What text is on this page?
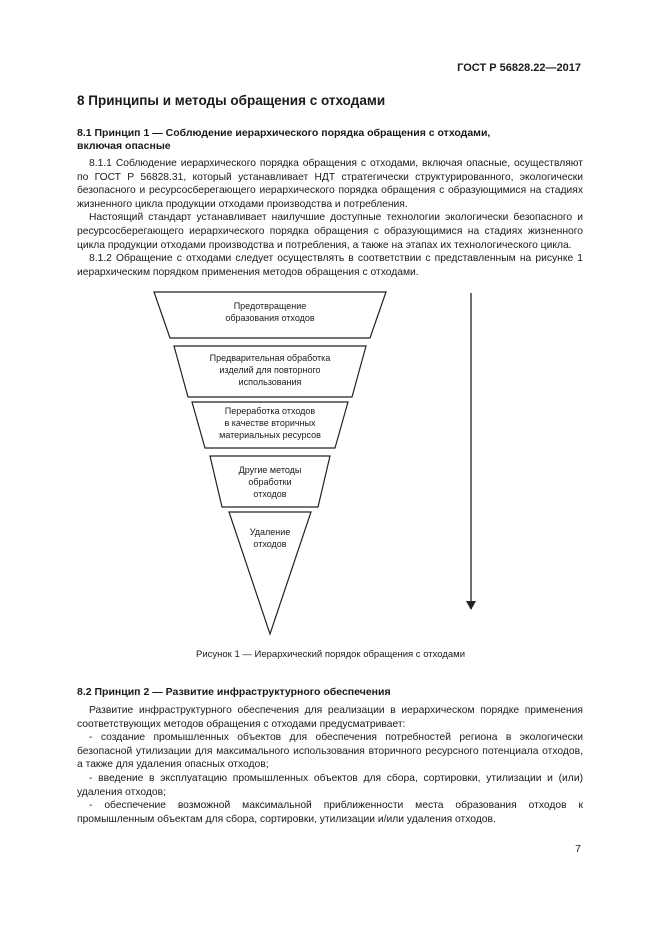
ГОСТ Р 56828.22—2017
8 Принципы и методы обращения с отходами
8.1 Принцип 1 — Соблюдение иерархического порядка обращения с отходами,
включая опасные

8.1.1 Соблюдение иерархического порядка обращения с отходами, включая опасные, осуществляют по ГОСТ Р 56828.31, который устанавливает НДТ стратегически структурированного, экологически безопасного и ресурсосберегающего иерархического порядка обращения с образующимися на стадиях жизненного цикла продукции отходами производства и потребления.

Настоящий стандарт устанавливает наилучшие доступные технологии экологически безопасного и ресурсосберегающего иерархического порядка обращения с образующимися на стадиях жизненного цикла продукции отходами производства и потребления, а также на этапах их технологического цикла.

8.1.2 Обращение с отходами следует осуществлять в соответствии с представленным на рисунке 1 иерархическим порядком применения методов обращения с отходами.

Предотвращение
образования отходов
Предварительная обработка
изделий для повторного
использования
Переработка отходов
в качестве вторичных
материальных ресурсов
Другие методы
обработки
отходов
Удаление
отходов
Рисунок 1 — Иерархический порядок обращения с отходами
8.2 Принцип 2 — Развитие инфраструктурного обеспечения

Развитие инфраструктурного обеспечения для реализации в иерархическом порядке применения соответствующих методов обращения с отходами предусматривает:

- создание промышленных объектов для обеспечения потребностей региона в экологически безопасной утилизации для максимального использования вторичного ресурсного потенциала отходов, а также для удаления опасных отходов;

- введение в эксплуатацию промышленных объектов для сбора, сортировки, утилизации и (или) удаления отходов;

- обеспечение возможной максимальной приближенности места образования отходов к промышленным объектам для сбора, сортировки, утилизации и/или удаления отходов.

7
